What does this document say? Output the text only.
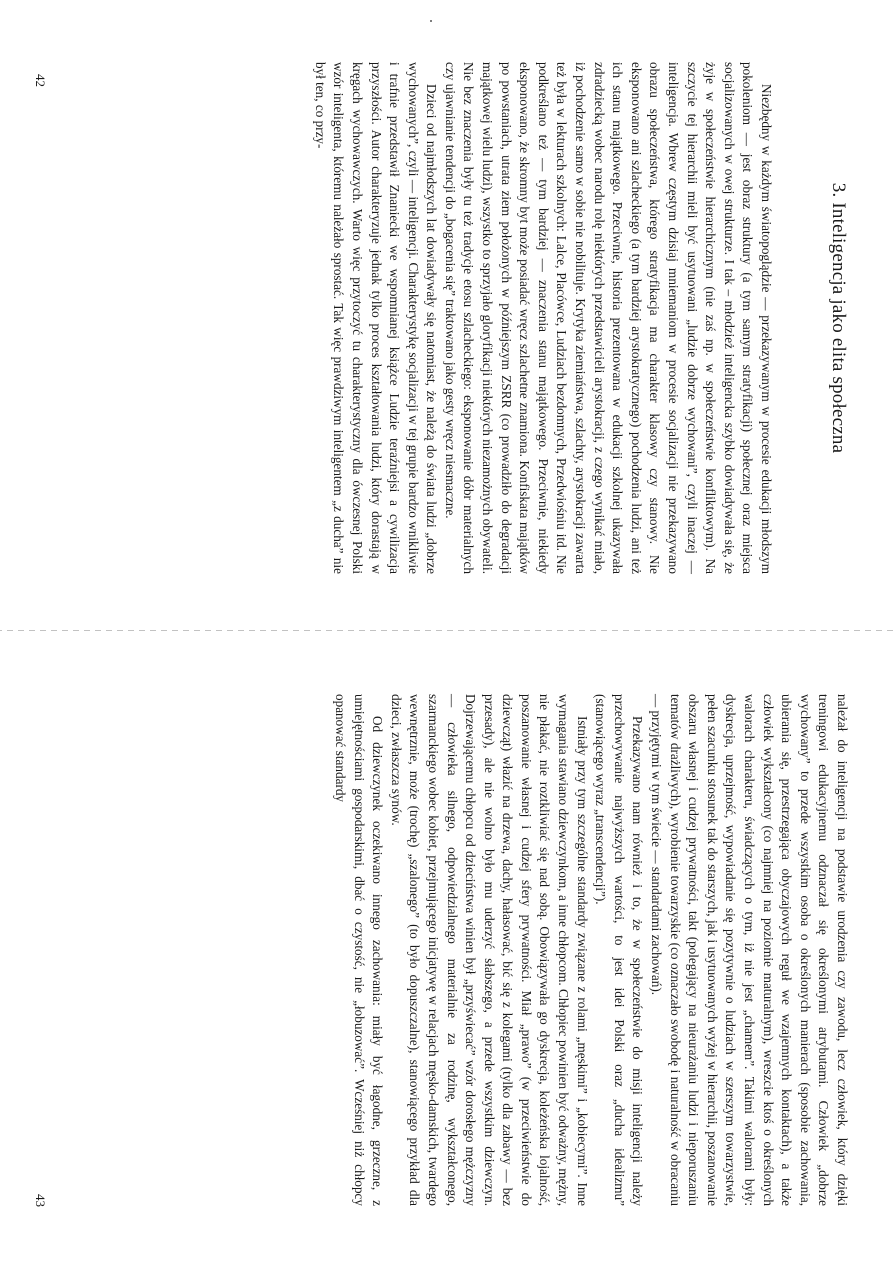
3. Inteligencja jako elita społeczna

Niezbędny w każdym światopoglądzie — przekazywanym w procesie edukacji młodszym pokoleniom — jest obraz struktury (a tym samym stratyfikacji) społecznej oraz miejsca socjalizowanych w owej strukturze. I tak – młodzież inteligencka szybko dowiadywała się, że żyje w społeczeństwie hierarchicznym (nie zaś np. w społeczeństwie konfliktowym). Na szczycie tej hierarchii mieli być usytuowani „ludzie dobrze wychowani”, czyli inaczej — inteligencja. Wbrew częstym dzisiaj mniemaniom w procesie socjalizacji nie przekazywano obrazu społeczeństwa, którego stratyfikacja ma charakter klasowy czy stanowy. Nie eksponowano ani szlacheckiego (a tym bardziej arystokratycznego) pochodzenia ludzi, ani też ich stanu majątkowego. Przeciwnie, historia prezentowana w edukacji szkolnej ukazywała zdradziecką wobec narodu rolę niektórych przedstawicieli arystokracji, z czego wynikać miało, iż pochodzenie samo w sobie nie nobilituje. Krytyka ziemiaństwa, szlachty, arystokracji zawarta też była w lekturach szkolnych: Lalce, Placówce, Ludziach bezdomnych, Przedwiośniu itd. Nie podkreślano też — tym bardziej — znaczenia stanu majątkowego. Przeciwnie, niekiedy eksponowano, że skromny byt może posiadać wręcz szlachetne znamiona. Konfiskata majątków po powstaniach, utrata ziem położonych w późniejszym ZSRR (co prowadziło do degradacji majątkowej wielu ludzi), wszystko to sprzyjało gloryfikacji niektórych niezamożnych obywateli. Nie bez znaczenia były tu też tradycje etosu szlacheckiego: eksponowanie dóbr materialnych czy ujawnianie tendencji do „bogacenia się” traktowano jako gesty wręcz niesmaczne.

Dzieci od najmłodszych lat dowiadywały się natomiast, że należą do świata ludzi „dobrze wychowanych”, czyli — inteligencji. Charakterystykę socjalizacji w tej grupie bardzo wnikliwie i trafnie przedstawił Znaniecki we wspomnianej książce Ludzie teraźniejsi a cywilizacja przyszłości. Autor charakteryzuje jednak tylko proces kształtowania ludzi, który dorastają w kręgach wychowawczych. Warto więc przytoczyć tu charakterystyczny dla ówczesnej Polski wzór inteligenta, któremu należało sprostać. Tak więc prawdziwym inteligentem „z ducha” nie był ten, co przy-

42

należał do inteligencji na podstawie urodzenia czy zawodu, lecz człowiek, który dzięki treningowi edukacyjnemu odznaczał się określonymi atrybutami. Człowiek „dobrze wychowany” to przede wszystkim osoba o określonych manierach (sposobie zachowania, ubierania się, przestrzegająca obyczajowych reguł we wzajemnych kontaktach), a także człowiek wykształcony (co najmniej na poziomie maturalnym), wreszcie ktoś o określonych walorach charakteru, świadczących o tym, iż nie jest „chamem”. Takimi walorami były: dyskrecja, uprzejmość, wypowiadanie się pozytywnie o ludziach w szerszym towarzystwie, pełen szacunku stosunek tak do starszych, jak i usytuowanych wyżej w hierarchii, poszanowanie obszaru własnej i cudzej prywatności, takt (polegający na nieurażaniu ludzi i nieporuszaniu tematów drażliwych), wyrobienie towarzyskie (co oznaczało swobodę i naturalność w obracaniu — przyjętymi w tym świecie — standardami zachowań).

Przekazywano nam również i to, że w społeczeństwie do misji inteligencji należy przechowywanie najwyższych wartości, to jest idei Polski oraz „ducha idealizmu” (stanowiącego wyraz „transcendencji”).

Istniały przy tym szczególne standardy związane z rolami „męskimi” i „kobiecymi”. Inne wymagania stawiano dziewczynkom, a inne chłopcom. Chłopiec powinien być odważny, mężny, nie płakać, nie roztkliwiać się nad sobą. Obowiązywała go dyskrecja, koleżeńska lojalność, poszanowanie własnej i cudzej sfery prywatności. Miał „prawo” (w przeciwieństwie do dziewcząt) włazić na drzewa, dachy, hałasować, bić się z kolegami (tylko dla zabawy — bez przesady), ale nie wolno było mu uderzyć słabszego, a przede wszystkim dziewczyn. Dojrzewającemu chłopcu od dzieciństwa winien był „przyświecać” wzór dorosłego mężczyzny — człowieka silnego, odpowiedzialnego materialnie za rodzinę, wykształconego, szarmanckiego wobec kobiet, przejmującego inicjatywę w relacjach męsko-damskich, twardego wewnętrznie, może (trochę) „szalonego” (to było dopuszczalne), stanowiącego przykład dla dzieci, zwłaszcza synów.

Od dziewczynek oczekiwano innego zachowania: miały być łagodne, grzeczne, z umiejętnościami gospodarskimi, dbać o czystość, nie „łobuzować”. Wcześniej niż chłopcy opanować standardy

43
